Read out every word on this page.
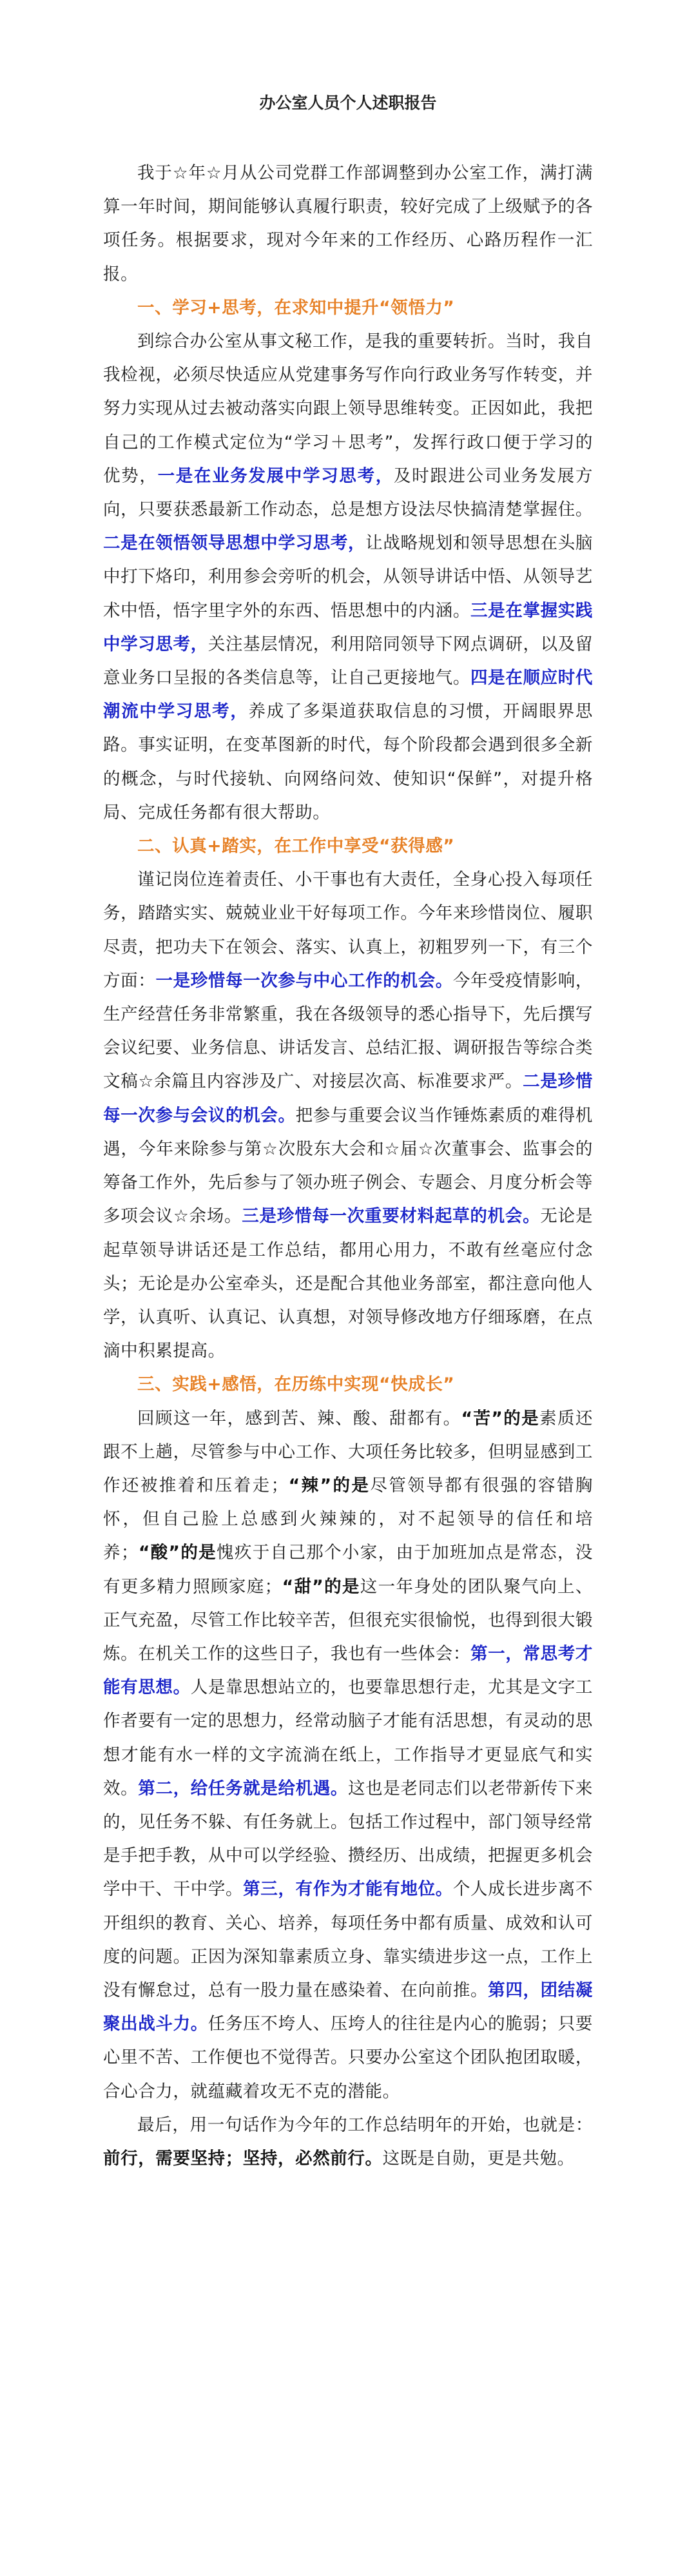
办公室人员个人述职报告

我于☆年☆月从公司党群工作部调整到办公室工作，满打满算一年时间，期间能够认真履行职责，较好完成了上级赋予的各项任务。根据要求，现对今年来的工作经历、心路历程作一汇报。

一、学习+思考，在求知中提升“领悟力”

到综合办公室从事文秘工作，是我的重要转折。当时，我自我检视，必须尽快适应从党建事务写作向行政业务写作转变，并努力实现从过去被动落实向跟上领导思维转变。正因如此，我把自己的工作模式定位为“学习＋思考”，发挥行政口便于学习的优势，一是在业务发展中学习思考，及时跟进公司业务发展方向，只要获悉最新工作动态，总是想方设法尽快搞清楚掌握住。二是在领悟领导思想中学习思考，让战略规划和领导思想在头脑中打下烙印，利用参会旁听的机会，从领导讲话中悟、从领导艺术中悟，悟字里字外的东西、悟思想中的内涵。三是在掌握实践中学习思考，关注基层情况，利用陪同领导下网点调研，以及留意业务口呈报的各类信息等，让自己更接地气。四是在顺应时代潮流中学习思考，养成了多渠道获取信息的习惯，开阔眼界思路。事实证明，在变革图新的时代，每个阶段都会遇到很多全新的概念，与时代接轨、向网络问效、使知识“保鲜”，对提升格局、完成任务都有很大帮助。

二、认真+踏实，在工作中享受“获得感”

谨记岗位连着责任、小干事也有大责任，全身心投入每项任务，踏踏实实、兢兢业业干好每项工作。今年来珍惜岗位、履职尽责，把功夫下在领会、落实、认真上，初粗罗列一下，有三个方面：一是珍惜每一次参与中心工作的机会。今年受疫情影响，生产经营任务非常繁重，我在各级领导的悉心指导下，先后撰写会议纪要、业务信息、讲话发言、总结汇报、调研报告等综合类文稿☆余篇且内容涉及广、对接层次高、标准要求严。二是珍惜每一次参与会议的机会。把参与重要会议当作锤炼素质的难得机遇，今年来除参与第☆次股东大会和☆届☆次董事会、监事会的筹备工作外，先后参与了领办班子例会、专题会、月度分析会等多项会议☆余场。三是珍惜每一次重要材料起草的机会。无论是起草领导讲话还是工作总结，都用心用力，不敢有丝毫应付念头；无论是办公室牵头，还是配合其他业务部室，都注意向他人学，认真听、认真记、认真想，对领导修改地方仔细琢磨，在点滴中积累提高。

三、实践+感悟，在历练中实现“快成长”

回顾这一年，感到苦、辣、酸、甜都有。“苦”的是素质还跟不上趟，尽管参与中心工作、大项任务比较多，但明显感到工作还被推着和压着走；“辣”的是尽管领导都有很强的容错胸怀，但自己脸上总感到火辣辣的，对不起领导的信任和培养；“酸”的是愧疚于自己那个小家，由于加班加点是常态，没有更多精力照顾家庭；“甜”的是这一年身处的团队聚气向上、正气充盈，尽管工作比较辛苦，但很充实很愉悦，也得到很大锻炼。在机关工作的这些日子，我也有一些体会：第一，常思考才能有思想。人是靠思想站立的，也要靠思想行走，尤其是文字工作者要有一定的思想力，经常动脑子才能有活思想，有灵动的思想才能有水一样的文字流淌在纸上，工作指导才更显底气和实效。第二，给任务就是给机遇。这也是老同志们以老带新传下来的，见任务不躲、有任务就上。包括工作过程中，部门领导经常是手把手教，从中可以学经验、攒经历、出成绩，把握更多机会学中干、干中学。第三，有作为才能有地位。个人成长进步离不开组织的教育、关心、培养，每项任务中都有质量、成效和认可度的问题。正因为深知靠素质立身、靠实绩进步这一点，工作上没有懈怠过，总有一股力量在感染着、在向前推。第四，团结凝聚出战斗力。任务压不垮人、压垮人的往往是内心的脆弱；只要心里不苦、工作便也不觉得苦。只要办公室这个团队抱团取暖，合心合力，就蕴藏着攻无不克的潜能。

最后，用一句话作为今年的工作总结明年的开始，也就是：前行，需要坚持；坚持，必然前行。这既是自勋，更是共勉。
